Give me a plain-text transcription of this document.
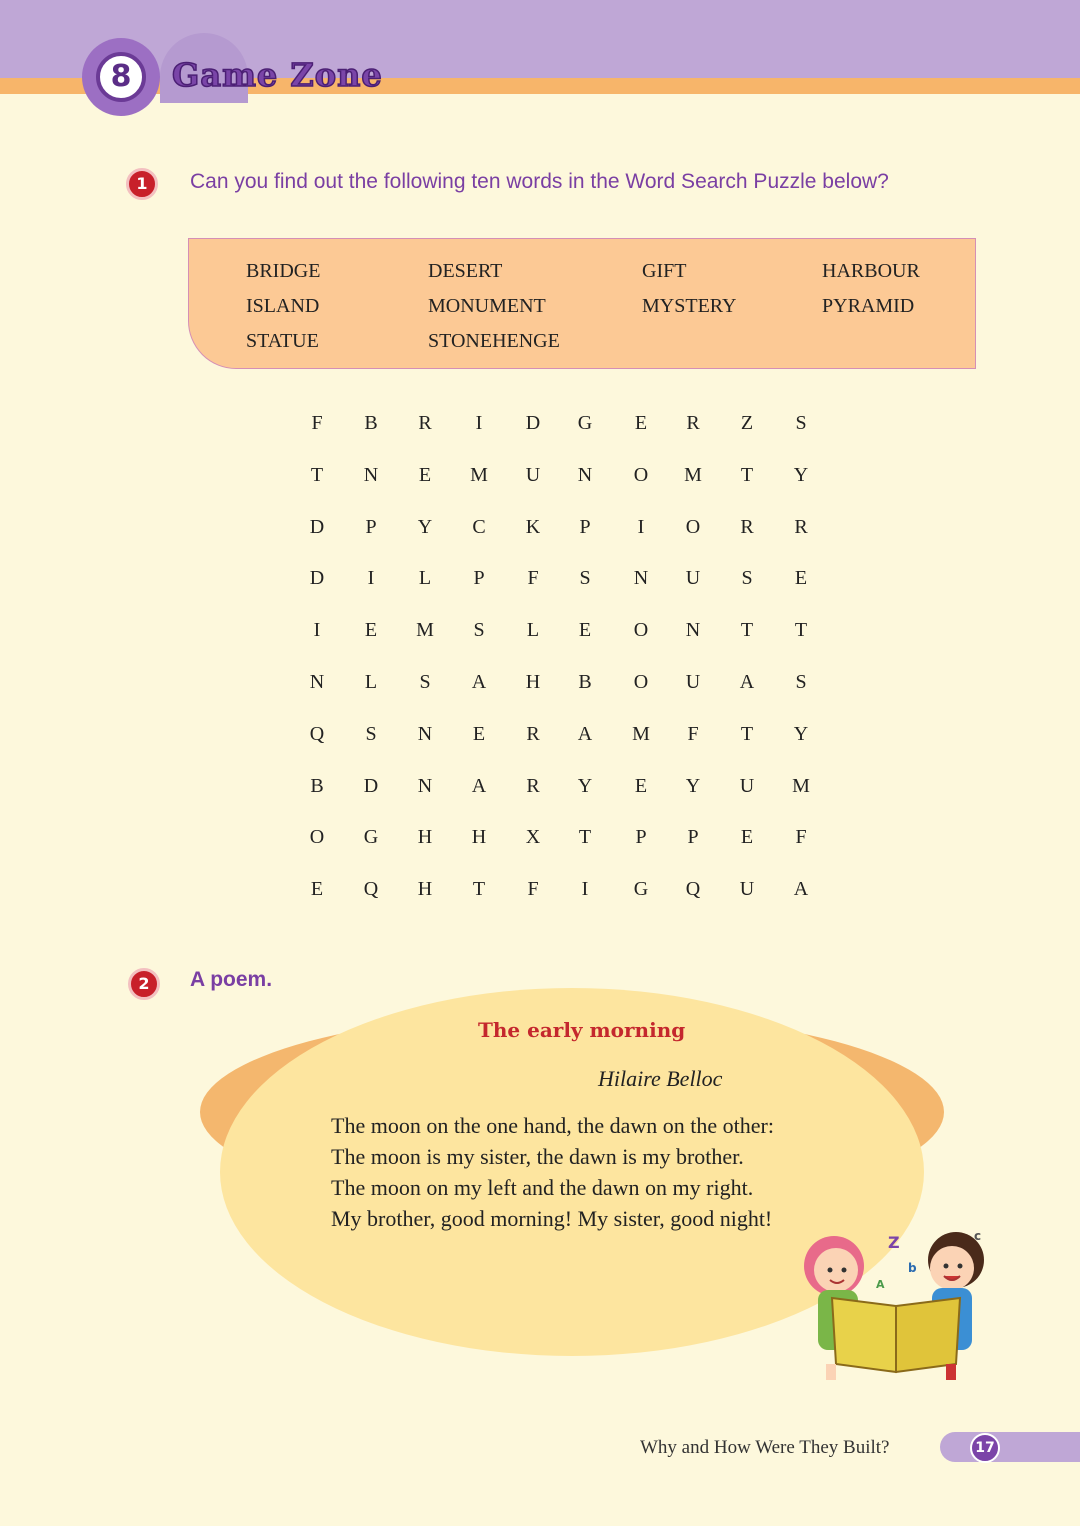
8	Game Zone
1	Can you find out the following ten words in the Word Search Puzzle below?
BRIDGE	DESERT	GIFT	HARBOUR
ISLAND	MONUMENT	MYSTERY	PYRAMID
STATUE	STONEHENGE
F	B	R	I	D	G	E	R	Z	S
T	N	E	M	U	N	O	M	T	Y
D	P	Y	C	K	P	I	O	R	R
D	I	L	P	F	S	N	U	S	E
I	E	M	S	L	E	O	N	T	T
N	L	S	A	H	B	O	U	A	S
Q	S	N	E	R	A	M	F	T	Y
B	D	N	A	R	Y	E	Y	U	M
O	G	H	H	X	T	P	P	E	F
E	Q	H	T	F	I	G	Q	U	A
2	A poem.
The early morning
Hilaire Belloc
The moon on the one hand, the dawn on the other:
The moon is my sister, the dawn is my brother.
The moon on my left and the dawn on my right.
My brother, good morning! My sister, good night!
Z
b
c
A
Why and How Were They Built?	17
